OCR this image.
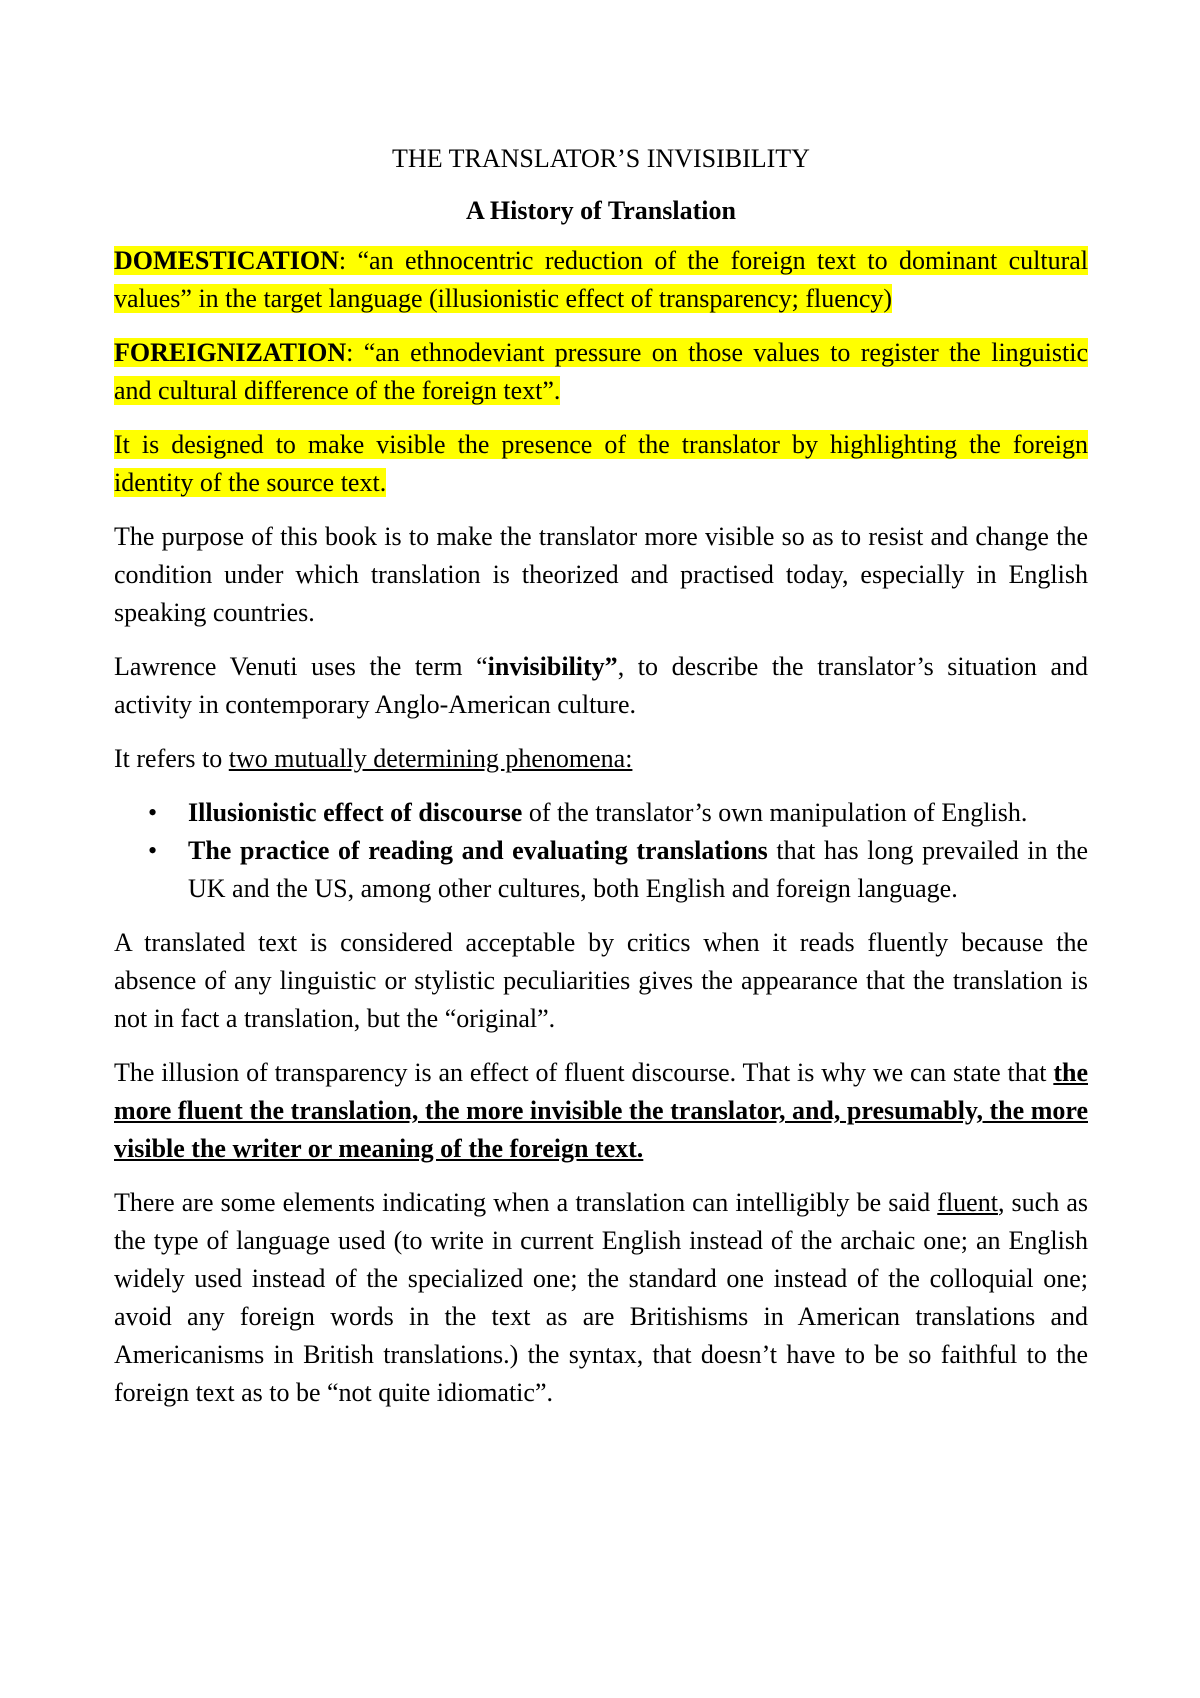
THE TRANSLATOR’S INVISIBILITY
A History of Translation

DOMESTICATION: “an ethnocentric reduction of the foreign text to dominant cultural values” in the target language (illusionistic effect of transparency; fluency)

FOREIGNIZATION: “an ethnodeviant pressure on those values to register the linguistic and cultural difference of the foreign text”.

It is designed to make visible the presence of the translator by highlighting the foreign identity of the source text.

The purpose of this book is to make the translator more visible so as to resist and change the condition under which translation is theorized and practised today, especially in English speaking countries.

Lawrence Venuti uses the term “invisibility”, to describe the translator’s situation and activity in contemporary Anglo-American culture.

It refers to two mutually determining phenomena:

• Illusionistic effect of discourse of the translator’s own manipulation of English.
• The practice of reading and evaluating translations that has long prevailed in the UK and the US, among other cultures, both English and foreign language.

A translated text is considered acceptable by critics when it reads fluently because the absence of any linguistic or stylistic peculiarities gives the appearance that the translation is not in fact a translation, but the “original”.

The illusion of transparency is an effect of fluent discourse. That is why we can state that the more fluent the translation, the more invisible the translator, and, presumably, the more visible the writer or meaning of the foreign text.

There are some elements indicating when a translation can intelligibly be said fluent, such as the type of language used (to write in current English instead of the archaic one; an English widely used instead of the specialized one; the standard one instead of the colloquial one; avoid any foreign words in the text as are Britishisms in American translations and Americanisms in British translations.) the syntax, that doesn’t have to be so faithful to the foreign text as to be “not quite idiomatic”.
